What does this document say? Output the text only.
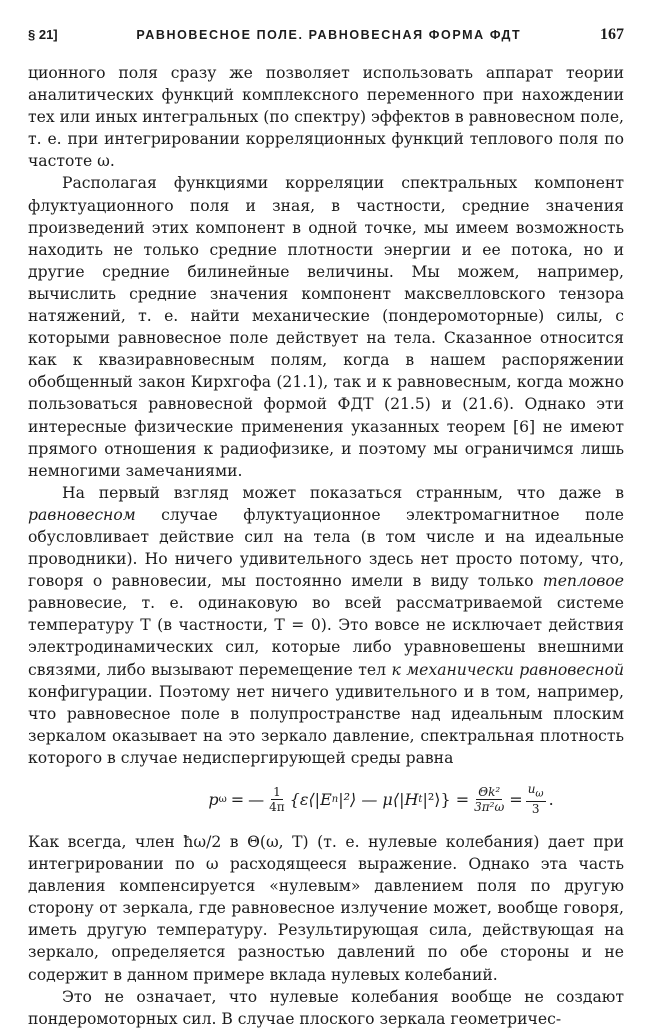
§ 21]	РАВНОВЕСНОЕ ПОЛЕ. РАВНОВЕСНАЯ ФОРМА ФДТ	167

ционного поля сразу же позволяет использовать аппарат теории аналитических функций комплексного переменного при нахождении тех или иных интегральных (по спектру) эффектов в равновесном поле, т. е. при интегрировании корреляционных функций теплового поля по частоте ω.

Располагая функциями корреляции спектральных компонент флуктуационного поля и зная, в частности, средние значения произведений этих компонент в одной точке, мы имеем возможность находить не только средние плотности энергии и ее потока, но и другие средние билинейные величины. Мы можем, например, вычислить средние значения компонент максвелловского тензора натяжений, т. е. найти механические (пондеромоторные) силы, с которыми равновесное поле действует на тела. Сказанное относится как к квазиравновесным полям, когда в нашем распоряжении обобщенный закон Кирхгофа (21.1), так и к равновесным, когда можно пользоваться равновесной формой ФДТ (21.5) и (21.6). Однако эти интересные физические применения указанных теорем [6] не имеют прямого отношения к радиофизике, и поэтому мы ограничимся лишь немногими замечаниями.

На первый взгляд может показаться странным, что даже в равновесном случае флуктуационное электромагнитное поле обусловливает действие сил на тела (в том числе и на идеальные проводники). Но ничего удивительного здесь нет просто потому, что, говоря о равновесии, мы постоянно имели в виду только тепловое равновесие, т. е. одинаковую во всей рассматриваемой системе температуру T (в частности, T = 0). Это вовсе не исключает действия электродинамических сил, которые либо уравновешены внешними связями, либо вызывают перемещение тел к механически равновесной конфигурации. Поэтому нет ничего удивительного и в том, например, что равновесное поле в полупространстве над идеальным плоским зеркалом оказывает на это зеркало давление, спектральная плотность которого в случае недиспергирующей среды равна

p ω = — $\frac{1}{4\pi}$ {ε⟨|E n |²⟩ — μ⟨|H t |²⟩} = $\frac{\text{Θk²}}{\text{3π²ω}} = \frac{u_\omega}{3}$ .

Как всегда, член ħω/2 в Θ(ω, T) (т. е. нулевые колебания) дает при интегрировании по ω расходящееся выражение. Однако эта часть давления компенсируется «нулевым» давлением поля по другую сторону от зеркала, где равновесное излучение может, вообще говоря, иметь другую температуру. Результирующая сила, действующая на зеркало, определяется разностью давлений по обе стороны и не содержит в данном примере вклада нулевых колебаний.

Это не означает, что нулевые колебания вообще не создают пондеромоторных сил. В случае плоского зеркала геометричес-
